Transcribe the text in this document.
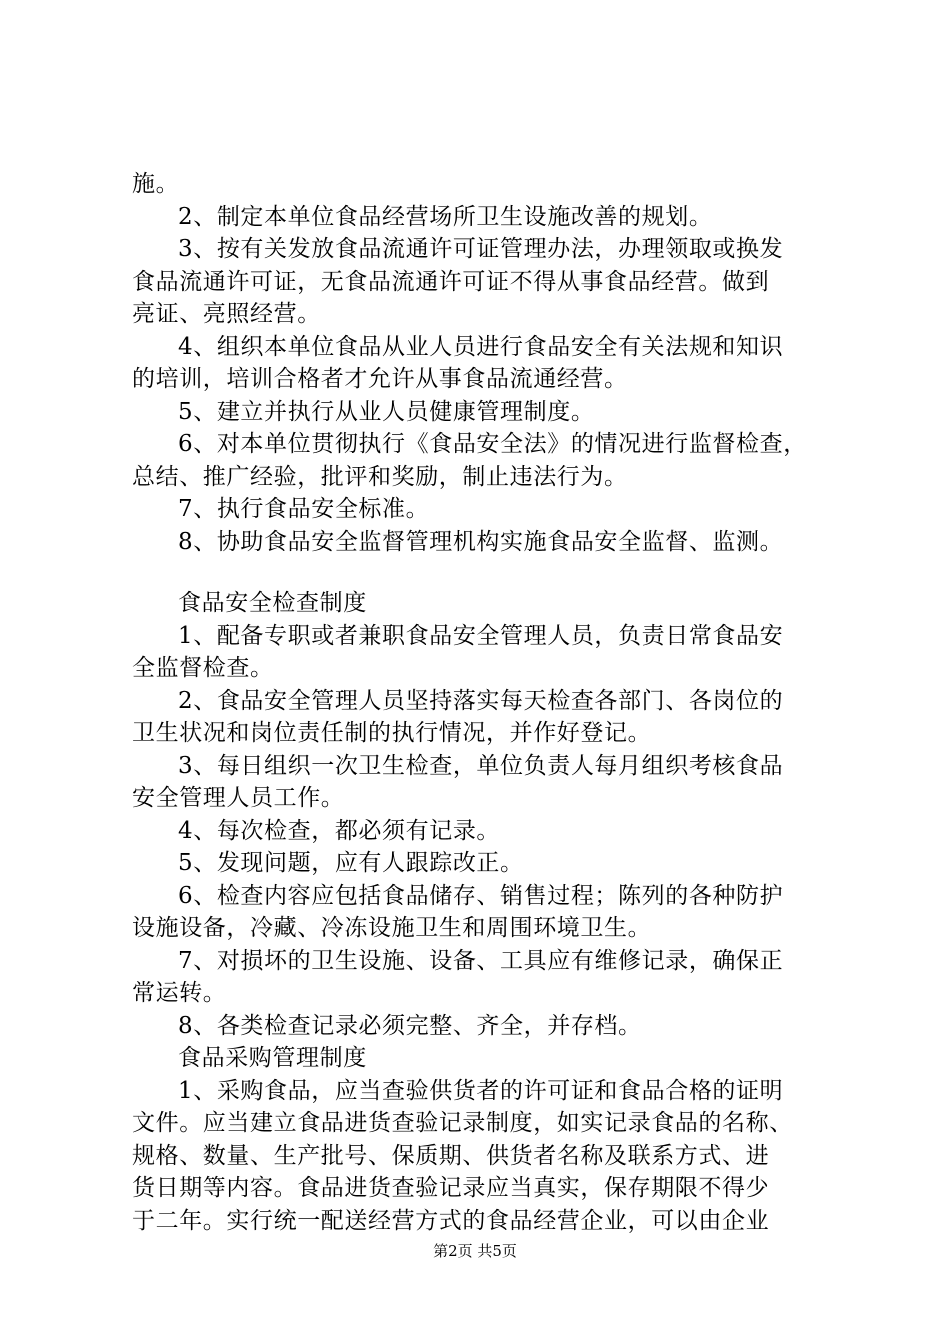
施。
2、制定本单位食品经营场所卫生设施改善的规划。
3、按有关发放食品流通许可证管理办法，办理领取或换发
食品流通许可证，无食品流通许可证不得从事食品经营。做到
亮证、亮照经营。
4、组织本单位食品从业人员进行食品安全有关法规和知识
的培训，培训合格者才允许从事食品流通经营。
5、建立并执行从业人员健康管理制度。
6、对本单位贯彻执行《食品安全法》的情况进行监督检查，
总结、推广经验，批评和奖励，制止违法行为。
7、执行食品安全标准。
8、协助食品安全监督管理机构实施食品安全监督、监测。
食品安全检查制度
1、配备专职或者兼职食品安全管理人员，负责日常食品安
全监督检查。
2、食品安全管理人员坚持落实每天检查各部门、各岗位的
卫生状况和岗位责任制的执行情况，并作好登记。
3、每日组织一次卫生检查，单位负责人每月组织考核食品
安全管理人员工作。
4、每次检查，都必须有记录。
5、发现问题，应有人跟踪改正。
6、检查内容应包括食品储存、销售过程；陈列的各种防护
设施设备，冷藏、冷冻设施卫生和周围环境卫生。
7、对损坏的卫生设施、设备、工具应有维修记录，确保正
常运转。
8、各类检查记录必须完整、齐全，并存档。
食品采购管理制度
1、采购食品，应当查验供货者的许可证和食品合格的证明
文件。应当建立食品进货查验记录制度，如实记录食品的名称、
规格、数量、生产批号、保质期、供货者名称及联系方式、进
货日期等内容。食品进货查验记录应当真实，保存期限不得少
于二年。实行统一配送经营方式的食品经营企业，可以由企业
第2页 共5页
